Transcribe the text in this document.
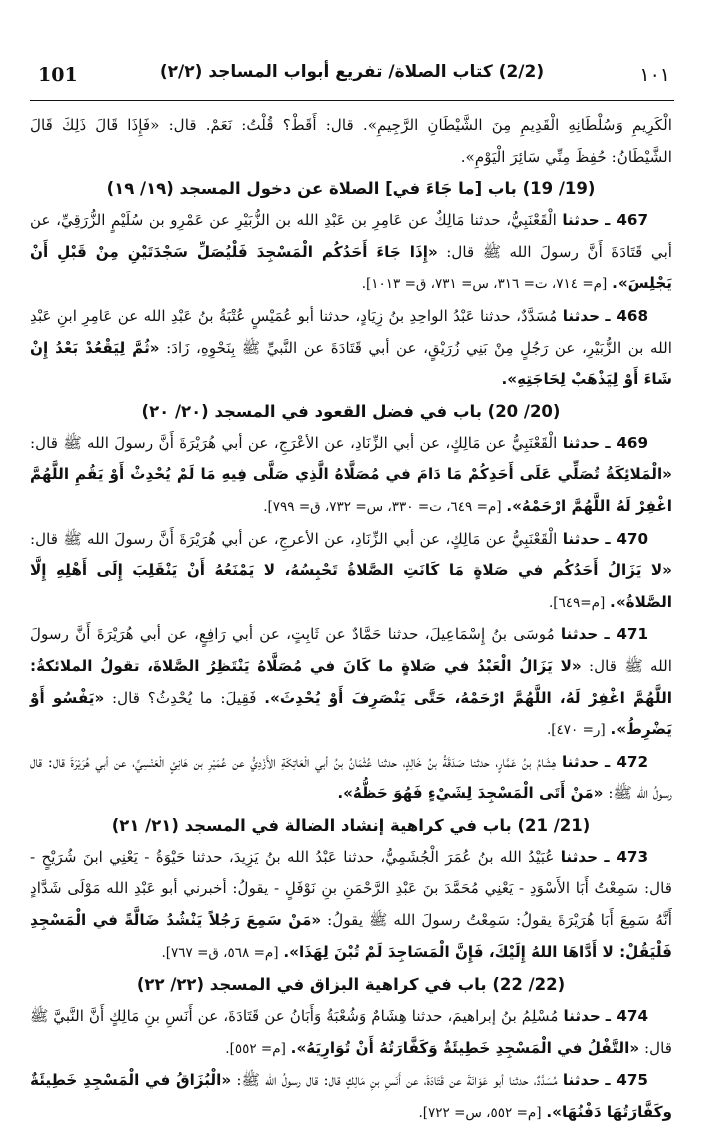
101	(2/2) كتاب الصلاة/ تفريع أبواب المساجد (٢/٢)	١٠١

الْكَرِيمِ وَسُلْطَانِهِ الْقَدِيمِ مِنَ الشَّيْطَانِ الرَّجِيمِ». قال: أَقَطْ؟ قُلْتُ: نَعَمْ. قال: «فَإِذَا قَالَ ذَلِكَ قَالَ الشَّيْطَانُ: حُفِظَ مِنِّي سَائِرَ الْيَوْمِ».

(19/ 19) باب [ما جَاءَ في] الصلاة عن دخول المسجد (١٩/ ١٩)

467 ـ حدثنا الْقَعْنَبِيُّ، حدثنا مَالِكٌ عن عَامِرِ بن عَبْدِ الله بن الزُّبَيْرِ عن عَمْرِو بن سُلَيْمٍ الزُّرَقِيِّ، عن أبي قَتَادَةَ أَنَّ رسولَ الله ﷺ قال: «إِذَا جَاءَ أَحَدُكُم الْمَسْجِدَ فَلْيُصَلِّ سَجْدَتَيْنِ مِنْ قَبْلِ أَنْ يَجْلِسَ». [م= ٧١٤، ت= ٣١٦، س= ٧٣١، ق= ١٠١٣].

468 ـ حدثنا مُسَدَّدٌ، حدثنا عَبْدُ الواحِدِ بنُ زِيَادٍ، حدثنا أبو عُمَيْسٍ عُتْبَةُ بنُ عَبْدِ الله عن عَامِرِ ابنِ عَبْدِ الله بن الزُّبَيْرِ، عن رَجُلٍ مِنْ بَنِي زُرَيْقٍ، عن أبي قَتَادَةَ عن النَّبيِّ ﷺ بِنَحْوِهِ، زَادَ: «ثُمَّ لِيَقْعُدْ بَعْدُ إِنْ شَاءَ أَوْ لِيَذْهَبْ لِحَاجَتِهِ».

(20/ 20) باب في فضل القعود في المسجد (٢٠/ ٢٠)

469 ـ حدثنا الْقَعْنَبِيُّ عن مَالِكٍ، عن أبي الزِّنَادِ، عن الأعْرَجِ، عن أبي هُرَيْرَةَ أَنَّ رسولَ الله ﷺ قال: «الْمَلائِكَةُ تُصَلِّي عَلَى أَحَدِكُمْ مَا دَامَ في مُصَلَّاهُ الَّذِي صَلَّى فِيهِ مَا لَمْ يُحْدِثْ أَوْ يَقُمِ اللَّهُمَّ اغْفِرْ لَهُ اللَّهُمَّ ارْحَمْهُ». [م= ٦٤٩، ت= ٣٣٠، س= ٧٣٢، ق= ٧٩٩].

470 ـ حدثنا الْقَعْنَبِيُّ عن مَالِكٍ، عن أبي الزِّنَادِ، عن الأعرجِ، عن أبي هُرَيْرَةَ أَنَّ رسولَ الله ﷺ قال: «لا يَزَالُ أَحَدُكُم في صَلاةٍ مَا كَانَتِ الصَّلاةُ تَحْبِسُهُ، لا يَمْنَعُهُ أَنْ يَنْقَلِبَ إِلَى أَهْلِهِ إِلَّا الصَّلاةُ». [م=٦٤٩].

471 ـ حدثنا مُوسَى بنُ إِسْمَاعِيلَ، حدثنا حَمَّادٌ عن ثَابِتٍ، عن أبي رَافِعٍ، عن أبي هُرَيْرَةَ أَنَّ رسولَ الله ﷺ قال: «لا يَزَالُ الْعَبْدُ في صَلاةٍ ما كَانَ في مُصَلَّاهُ يَنْتَظِرُ الصَّلاةَ، تقولُ الملائكةُ: اللَّهُمَّ اغْفِرْ لَهُ، اللَّهُمَّ ارْحَمْهُ، حَتَّى يَنْصَرِفَ أَوْ يُحْدِثَ». فَقِيلَ: ما يُحْدِثُ؟ قال: «يَفْسُو أَوْ يَضْرِطُ». [ر= ٤٧٠].

472 ـ حدثنا هِشَامُ بنُ عَمَّارٍ، حدثنا صَدَقَةُ بنُ خَالِدٍ، حدثنا عُثْمَانُ بنُ أبي الْعَاتِكَةِ الأَزْدِيُّ عن عُمَيْرِ بن هَانِئٍ الْعَنْسِيِّ، عن أبي هُرَيْرَةَ قال: قال رسولُ الله ﷺ: «مَنْ أَتَى الْمَسْجِدَ لِشَيْءٍ فَهُوَ حَظُّهُ».

(21/ 21) باب في كراهية إنشاد الضالة في المسجد (٢١/ ٢١)

473 ـ حدثنا عُبَيْدُ الله بنُ عُمَرَ الْجُشَمِيُّ، حدثنا عَبْدُ الله بنُ يَزِيدَ، حدثنا حَيْوَةُ - يَعْنِي ابنَ شُرَيْحٍ - قال: سَمِعْتُ أَبَا الأَسْوَدِ - يَعْنِي مُحَمَّدَ بنَ عَبْدِ الرَّحْمَنِ بنِ نَوْفَلٍ - يقولُ: أخبرني أبو عَبْدِ الله مَوْلَى شَدَّادٍ أَنَّهُ سَمِعَ أَبَا هُرَيْرَةَ يقولُ: سَمِعْتُ رسولَ الله ﷺ يقولُ: «مَنْ سَمِعَ رَجُلاً يَنْشُدُ ضَالَّةً في الْمَسْجِدِ فَلْيَقُلْ: لا أَدَّاهَا اللهُ إِلَيْكَ، فَإِنَّ الْمَسَاجِدَ لَمْ تُبْنَ لِهَذَا». [م= ٥٦٨، ق= ٧٦٧].

(22/ 22) باب في كراهية البزاق في المسجد (٢٢/ ٢٢)

474 ـ حدثنا مُسْلِمُ بنُ إبراهيمَ، حدثنا هِشَامٌ وَشُعْبَةُ وَأَبَانُ عن قَتَادَةَ، عن أَنَسِ بنِ مَالِكٍ أَنَّ النَّبيَّ ﷺ قال: «التَّفْلُ في الْمَسْجِدِ خَطِيئَةٌ وَكَفَّارَتُهُ أَنْ تُوَارِيَهُ». [م= ٥٥٢].

475 ـ حدثنا مُسَدَّدٌ، حدثنا أبو عَوَانَةَ عن قَتَادَةَ، عن أَنَسِ بنِ مَالِكٍ قال: قال رسولُ الله ﷺ: «الْبُزَاقُ في الْمَسْجِدِ خَطِيئَةٌ وكَفَّارَتُهَا دَفْنُهَا». [م= ٥٥٢، س= ٧٢٢].
